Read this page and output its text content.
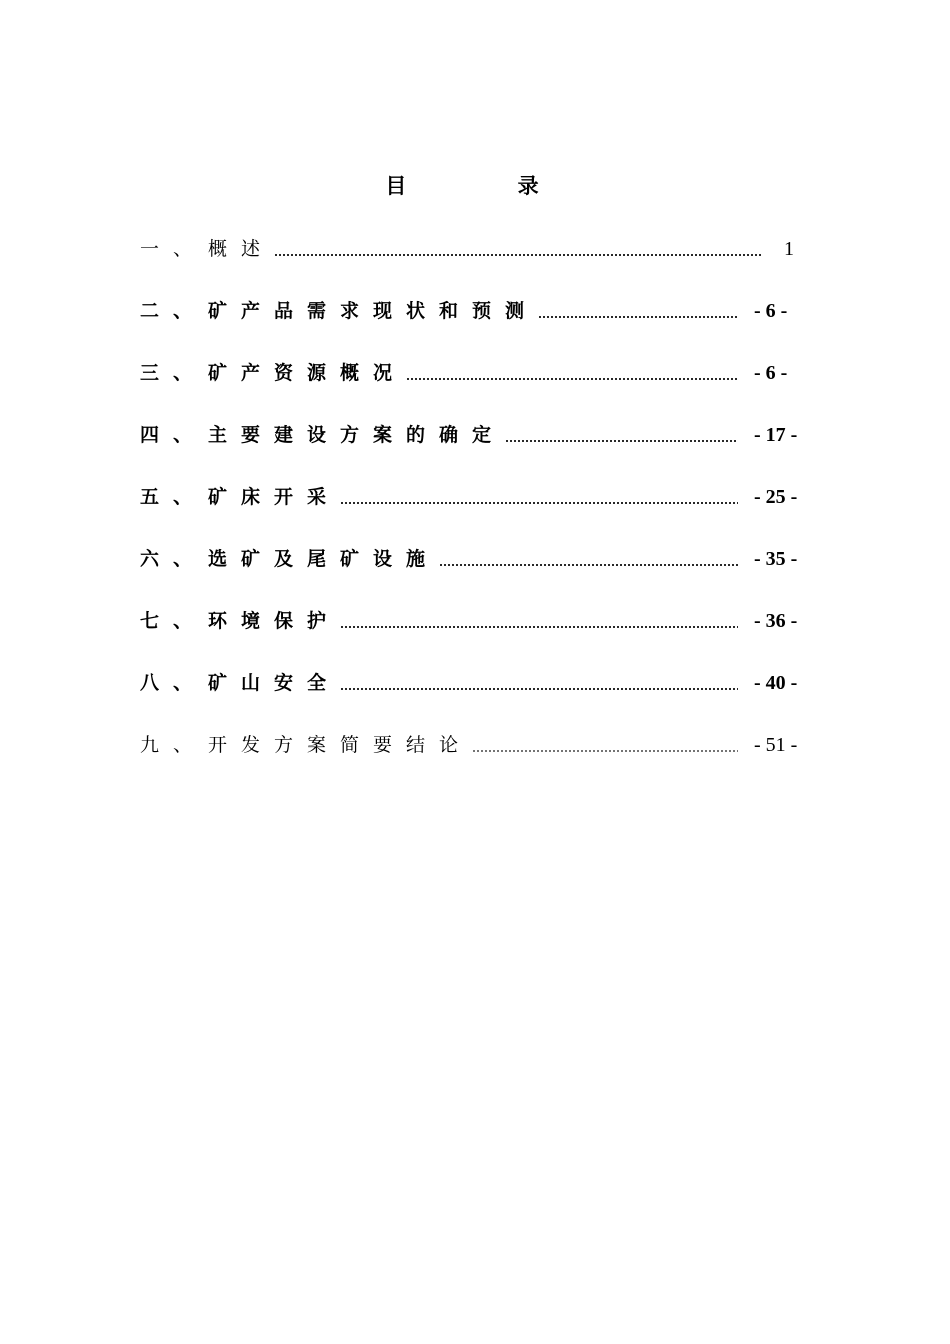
目 录
一、 概述	1
二、 矿产品需求现状和预测	- 6 -
三、 矿产资源概况	- 6 -
四、 主要建设方案的确定	- 17 -
五、 矿床开采	- 25 -
六、 选矿及尾矿设施	- 35 -
七、 环境保护	- 36 -
八、 矿山安全	- 40 -
九、 开发方案简要结论	- 51 -
